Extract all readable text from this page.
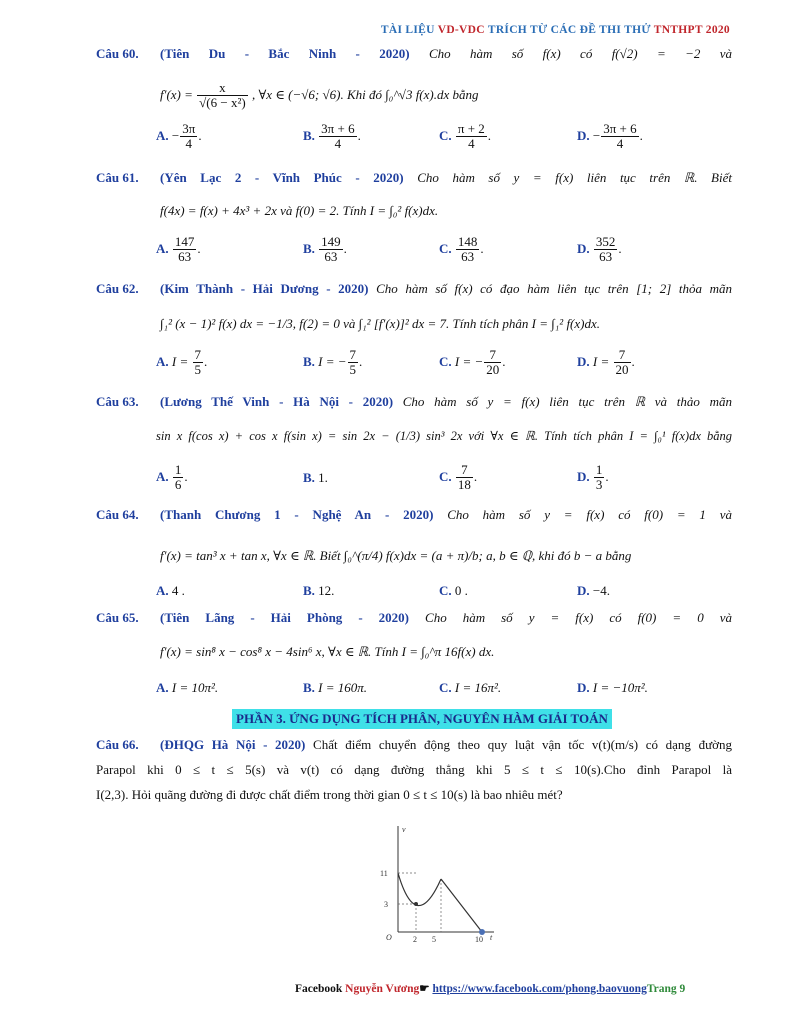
TÀI LIỆU VD-VDC TRÍCH TỪ CÁC ĐỀ THI THỬ TNTHPT 2020
Câu 60. (Tiên Du - Bắc Ninh - 2020) Cho hàm số f(x) có f(√2) = −2 và
$f'(x) = \frac{x}{\text{√(6 − x²)}}$ , ∀x ∈ (−√6; √6). Khi đó ∫₀^√3 f(x).dx bằng
A. − $\frac{3\pi}{4}$ .	B. $\frac{3\pi + 6}{4}$ .	C. $\frac{\pi + 2}{4}$ .	D. − $\frac{3\pi + 6}{4}$ .
Câu 61. (Yên Lạc 2 - Vĩnh Phúc - 2020) Cho hàm số y = f(x) liên tục trên ℝ. Biết
f(4x) = f(x) + 4x³ + 2x và f(0) = 2. Tính I = ∫₀² f(x)dx.
A. $\frac{147}{63}$ .	B. $\frac{149}{63}$ .	C. $\frac{148}{63}$ .	D. $\frac{352}{63}$ .
Câu 62. (Kim Thành - Hải Dương - 2020) Cho hàm số f(x) có đạo hàm liên tục trên [1; 2] thỏa mãn
∫₁² (x − 1)² f(x) dx = −1/3, f(2) = 0 và ∫₁² [f′(x)]² dx = 7. Tính tích phân I = ∫₁² f(x)dx.
A. $I = \frac{7}{5}$ .	B. I = − $\frac{7}{5}$ .	C. I = − $\frac{7}{20}$ .	D. $I = \frac{7}{20}$ .
Câu 63. (Lương Thế Vinh - Hà Nội - 2020) Cho hàm số y = f(x) liên tục trên ℝ và thảo mãn
sin x f(cos x) + cos x f(sin x) = sin 2x − (1/3) sin³ 2x với ∀x ∈ ℝ. Tính tích phân I = ∫₀¹ f(x)dx bằng
A. $\frac{1}{6}$ .	B. 1.	C. $\frac{7}{18}$ .	D. $\frac{1}{3}$ .
Câu 64. (Thanh Chương 1 - Nghệ An - 2020) Cho hàm số y = f(x) có f(0) = 1 và
f′(x) = tan³ x + tan x, ∀x ∈ ℝ. Biết ∫₀^(π/4) f(x)dx = (a + π)/b; a, b ∈ ℚ, khi đó b − a bằng
A. 4 .	B. 12.	C. 0 .	D. −4.
Câu 65. (Tiên Lãng - Hải Phòng - 2020) Cho hàm số y = f(x) có f(0) = 0 và
f′(x) = sin⁸ x − cos⁸ x − 4sin⁶ x, ∀x ∈ ℝ. Tính I = ∫₀^π 16f(x) dx.
A. I = 10π².	B. I = 160π.	C. I = 16π².	D. I = −10π².
PHẦN 3. ỨNG DỤNG TÍCH PHÂN, NGUYÊN HÀM GIẢI TOÁN
Câu 66. (ĐHQG Hà Nội - 2020) Chất điểm chuyển động theo quy luật vận tốc v(t)(m/s) có dạng đường
Parapol khi 0 ≤ t ≤ 5(s) và v(t) có dạng đường thẳng khi 5 ≤ t ≤ 10(s).Cho đỉnh Parapol là
I(2,3). Hỏi quãng đường đi được chất điểm trong thời gian 0 ≤ t ≤ 10(s) là bao nhiêu mét?
v
t
O
11
3
2 5	10
Facebook Nguyễn Vương☛ https://www.facebook.com/phong.baovuongTrang 9
